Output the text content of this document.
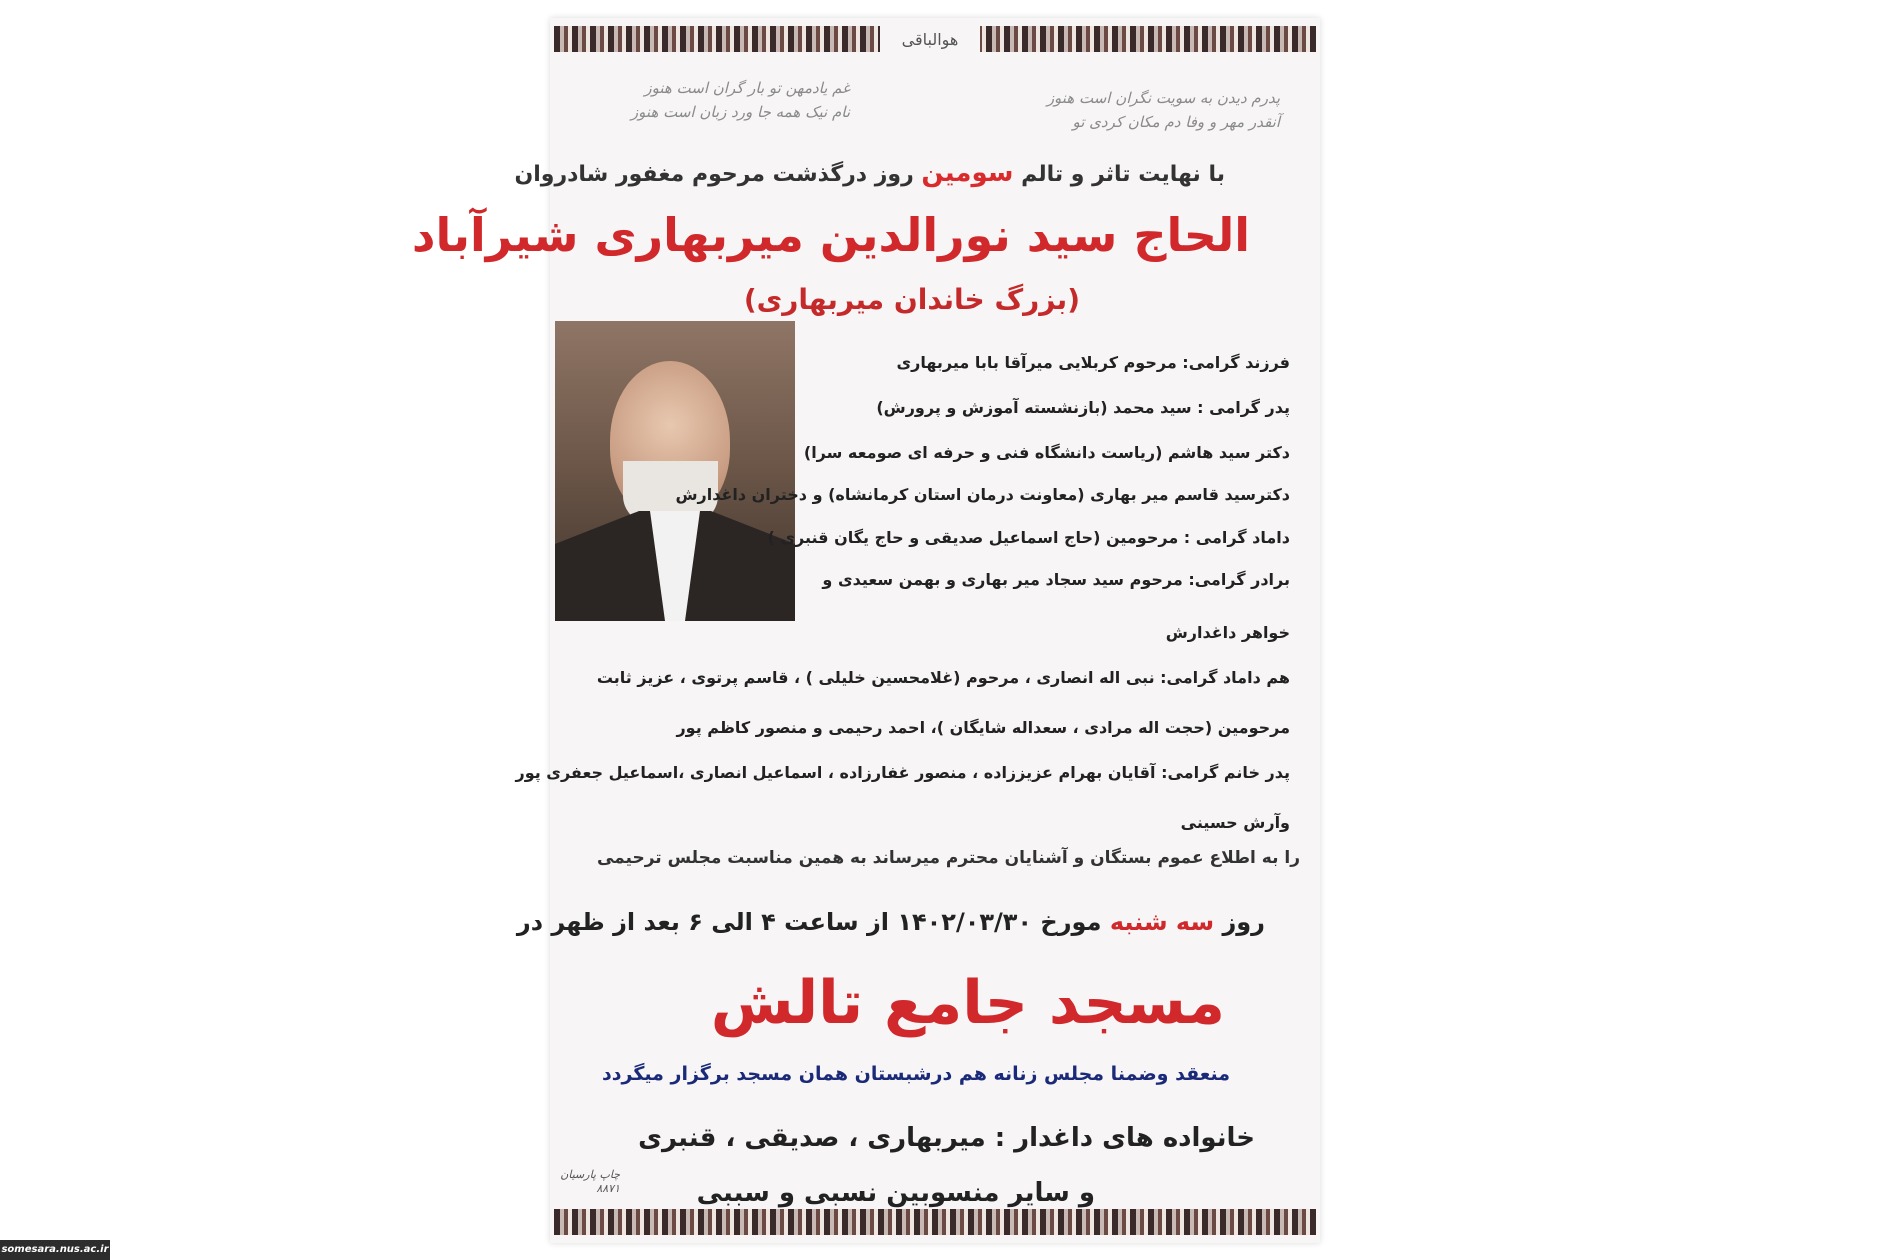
هوالباقی
غم یادمهن تو بار گران است هنوز
نام نیک همه جا ورد زبان است هنوز
پدرم دیدن به سویت نگران است هنوز
آنقدر مهر و وفا دم مکان کردی تو
با نهایت تاثر و تالم سومین روز درگذشت مرحوم مغفور شادروان
الحاج سید نورالدین میربهاری شیرآباد
(بزرگ خاندان میربهاری)
فرزند گرامی: مرحوم کربلایی میرآقا بابا میربهاری
پدر گرامی : سید محمد (بازنشسته آموزش و پرورش)
دکتر سید هاشم (ریاست دانشگاه فنی و حرفه ای صومعه سرا)
دکترسید قاسم میر بهاری (معاونت درمان استان کرمانشاه) و دختران داغدارش
داماد گرامی : مرحومین (حاج اسماعیل صدیقی و حاج یگان قنبری )
برادر گرامی: مرحوم سید سجاد میر بهاری و بهمن سعیدی و
خواهر داغدارش
هم داماد گرامی: نبی اله انصاری ، مرحوم (غلامحسین خلیلی ) ، قاسم پرتوی ، عزیز ثابت
مرحومین (حجت اله مرادی ، سعداله شایگان )، احمد رحیمی و منصور کاظم پور
پدر خانم گرامی: آقایان بهرام عزیززاده ، منصور غفارزاده ، اسماعیل انصاری ،اسماعیل جعفری پور
وآرش حسینی
را به اطلاع عموم بستگان و آشنایان محترم میرساند به همین مناسبت مجلس ترحیمی
روز سه شنبه مورخ ۱۴۰۲/۰۳/۳۰ از ساعت ۴ الی ۶ بعد از ظهر در
مسجد جامع تالش
منعقد وضمنا مجلس زنانه هم درشبستان همان مسجد برگزار میگردد
خانواده های داغدار : میربهاری ، صدیقی ، قنبری
و سایر منسوبین نسبی و سببی
چاپ پارسیان ۸۸۷۱
somesara.nus.ac.ir
